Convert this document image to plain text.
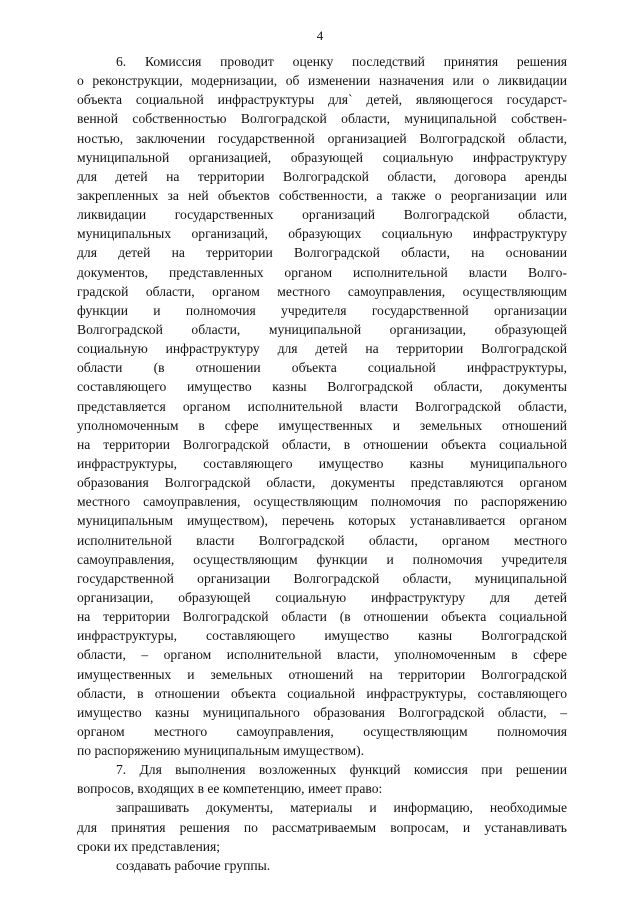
4
6. Комиссия проводит оценку последствий принятия решения
о реконструкции, модернизации, об изменении назначения или о ликвидации
объекта социальной инфраструктуры для` детей, являющегося государст-
венной собственностью Волгоградской области, муниципальной собствен-
ностью, заключении государственной организацией Волгоградской области,
муниципальной организацией, образующей социальную инфраструктуру
для детей на территории Волгоградской области, договора аренды
закрепленных за ней объектов собственности, а также о реорганизации или
ликвидации государственных организаций Волгоградской области,
муниципальных организаций, образующих социальную инфраструктуру
для детей на территории Волгоградской области, на основании
документов, представленных органом исполнительной власти Волго-
градской области, органом местного самоуправления, осуществляющим
функции и полномочия учредителя государственной организации
Волгоградской области, муниципальной организации, образующей
социальную инфраструктуру для детей на территории Волгоградской
области (в отношении объекта социальной инфраструктуры,
составляющего имущество казны Волгоградской области, документы
представляется органом исполнительной власти Волгоградской области,
уполномоченным в сфере имущественных и земельных отношений
на территории Волгоградской области, в отношении объекта социальной
инфраструктуры, составляющего имущество казны муниципального
образования Волгоградской области, документы представляются органом
местного самоуправления, осуществляющим полномочия по распоряжению
муниципальным имуществом), перечень которых устанавливается органом
исполнительной власти Волгоградской области, органом местного
самоуправления, осуществляющим функции и полномочия учредителя
государственной организации Волгоградской области, муниципальной
организации, образующей социальную инфраструктуру для детей
на территории Волгоградской области (в отношении объекта социальной
инфраструктуры, составляющего имущество казны Волгоградской
области, – органом исполнительной власти, уполномоченным в сфере
имущественных и земельных отношений на территории Волгоградской
области, в отношении объекта социальной инфраструктуры, составляющего
имущество казны муниципального образования Волгоградской области, –
органом местного самоуправления, осуществляющим полномочия
по распоряжению муниципальным имуществом).
7. Для выполнения возложенных функций комиссия при решении
вопросов, входящих в ее компетенцию, имеет право:
запрашивать документы, материалы и информацию, необходимые
для принятия решения по рассматриваемым вопросам, и устанавливать
сроки их представления;
создавать рабочие группы.
